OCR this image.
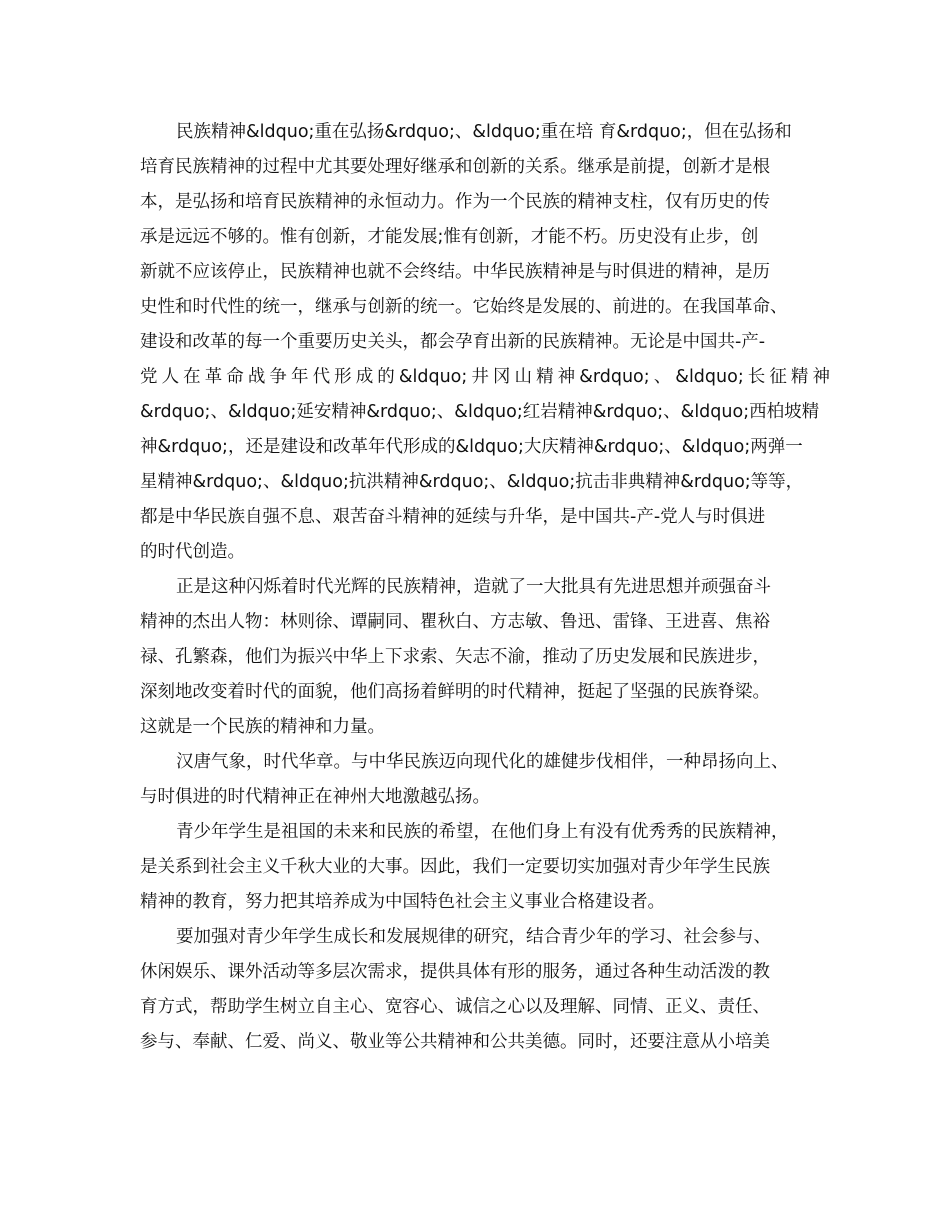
民族精神&ldquo;重在弘扬&rdquo;、&ldquo;重在培 育&rdquo;，但在弘扬和
培育民族精神的过程中尤其要处理好继承和创新的关系。继承是前提，创新才是根
本，是弘扬和培育民族精神的永恒动力。作为一个民族的精神支柱，仅有历史的传
承是远远不够的。惟有创新，才能发展;惟有创新，才能不朽。历史没有止步，创
新就不应该停止，民族精神也就不会终结。中华民族精神是与时俱进的精神，是历
史性和时代性的统一，继承与创新的统一。它始终是发展的、前进的。在我国革命、
建设和改革的每一个重要历史关头，都会孕育出新的民族精神。无论是中国共-产-
党人在革命战争年代形成的&ldquo;井冈山精神&rdquo;、&ldquo;长征精神
&rdquo;、&ldquo;延安精神&rdquo;、&ldquo;红岩精神&rdquo;、&ldquo;西柏坡精
神&rdquo;，还是建设和改革年代形成的&ldquo;大庆精神&rdquo;、&ldquo;两弹一
星精神&rdquo;、&ldquo;抗洪精神&rdquo;、&ldquo;抗击非典精神&rdquo;等等，
都是中华民族自强不息、艰苦奋斗精神的延续与升华，是中国共-产-党人与时俱进
的时代创造。
正是这种闪烁着时代光辉的民族精神，造就了一大批具有先进思想并顽强奋斗
精神的杰出人物：林则徐、谭嗣同、瞿秋白、方志敏、鲁迅、雷锋、王进喜、焦裕
禄、孔繁森，他们为振兴中华上下求索、矢志不渝，推动了历史发展和民族进步，
深刻地改变着时代的面貌，他们高扬着鲜明的时代精神，挺起了坚强的民族脊梁。
这就是一个民族的精神和力量。
汉唐气象，时代华章。与中华民族迈向现代化的雄健步伐相伴，一种昂扬向上、
与时俱进的时代精神正在神州大地激越弘扬。
青少年学生是祖国的未来和民族的希望，在他们身上有没有优秀秀的民族精神，
是关系到社会主义千秋大业的大事。因此，我们一定要切实加强对青少年学生民族
精神的教育，努力把其培养成为中国特色社会主义事业合格建设者。
要加强对青少年学生成长和发展规律的研究，结合青少年的学习、社会参与、
休闲娱乐、课外活动等多层次需求，提供具体有形的服务，通过各种生动活泼的教
育方式，帮助学生树立自主心、宽容心、诚信之心以及理解、同情、正义、责任、
参与、奉献、仁爱、尚义、敬业等公共精神和公共美德。同时，还要注意从小培美
